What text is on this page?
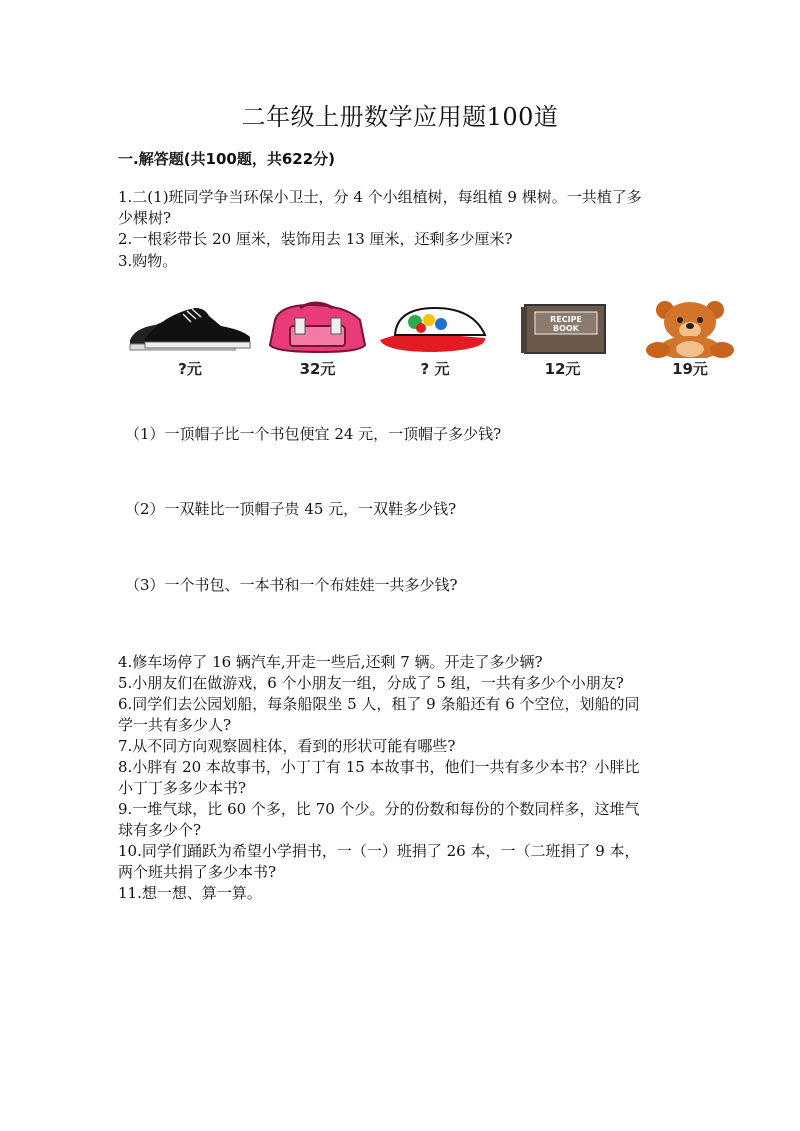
二年级上册数学应用题100道
一.解答题(共100题，共622分)
1.二(1)班同学争当环保小卫士，分 4 个小组植树，每组植 9 棵树。一共植了多
少棵树?
2.一根彩带长 20 厘米，装饰用去 13 厘米，还剩多少厘米?
3.购物。
?元	32元	? 元
RECIPE
BOOK
12元	19元
（1）一顶帽子比一个书包便宜 24 元，一顶帽子多少钱?
（2）一双鞋比一顶帽子贵 45 元，一双鞋多少钱?
（3）一个书包、一本书和一个布娃娃一共多少钱?
4.修车场停了 16 辆汽车,开走一些后,还剩 7 辆。开走了多少辆?
5.小朋友们在做游戏，6 个小朋友一组，分成了 5 组，一共有多少个小朋友?
6.同学们去公园划船，每条船限坐 5 人，租了 9 条船还有 6 个空位，划船的同
学一共有多少人?
7.从不同方向观察圆柱体，看到的形状可能有哪些?
8.小胖有 20 本故事书，小丁丁有 15 本故事书，他们一共有多少本书？小胖比
小丁丁多多少本书?
9.一堆气球，比 60 个多，比 70 个少。分的份数和每份的个数同样多，这堆气
球有多少个?
10.同学们踊跃为希望小学捐书，一（一）班捐了 26 本，一（二班捐了 9 本，
两个班共捐了多少本书?
11.想一想、算一算。
